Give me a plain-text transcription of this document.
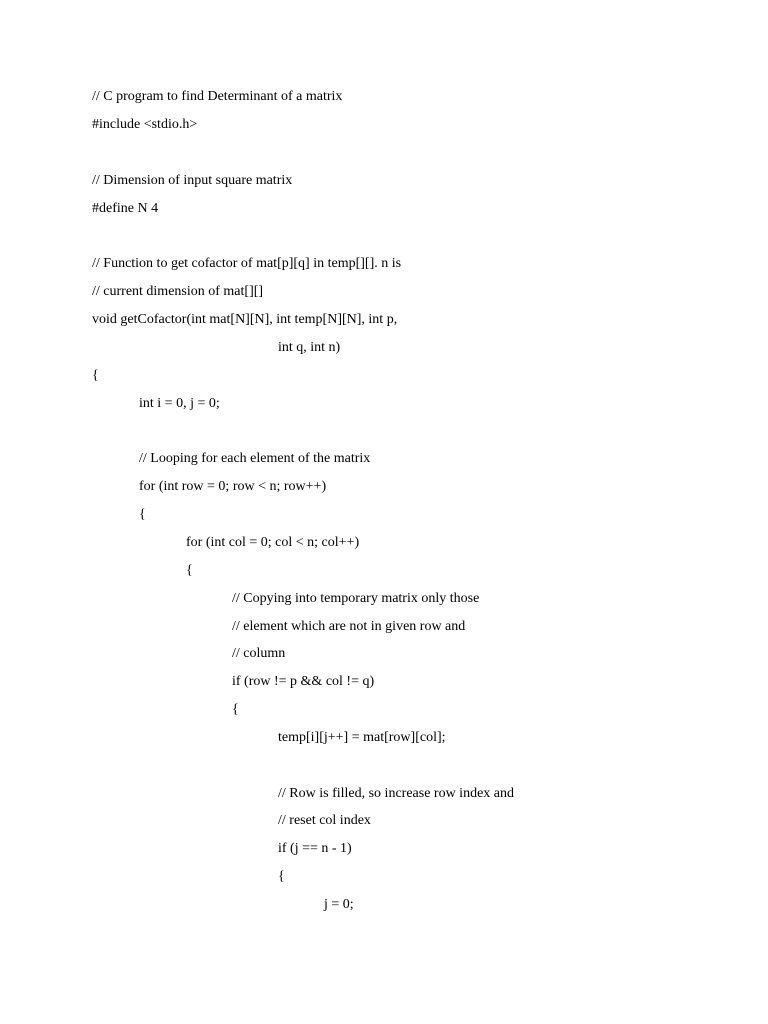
// C program to find Determinant of a matrix
#include <stdio.h>
// Dimension of input square matrix
#define N 4
// Function to get cofactor of mat[p][q] in temp[][]. n is
// current dimension of mat[][]
void getCofactor(int mat[N][N], int temp[N][N], int p,
int q, int n)
{
int i = 0, j = 0;
// Looping for each element of the matrix
for (int row = 0; row < n; row++)
{
for (int col = 0; col < n; col++)
{
// Copying into temporary matrix only those
// element which are not in given row and
// column
if (row != p && col != q)
{
temp[i][j++] = mat[row][col];
// Row is filled, so increase row index and
// reset col index
if (j == n - 1)
{
j = 0;
